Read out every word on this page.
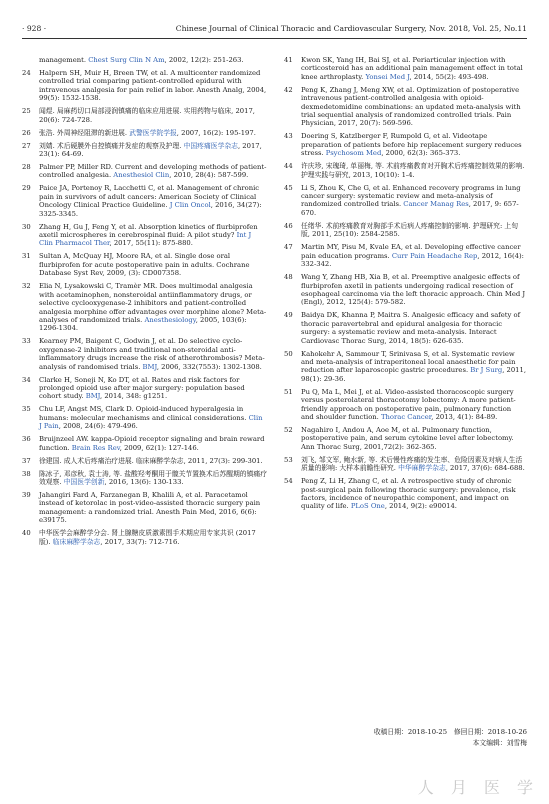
· 928 ·	Chinese Journal of Clinical Thoracic and Cardiovascular Surgery, Nov. 2018, Vol. 25, No.11
management. Chest Surg Clin N Am, 2002, 12(2): 251-263.
24	Halpern SH, Muir H, Breen TW, et al. A multicenter randomized controlled trial comparing patient-controlled epidural with intravenous analgesia for pain relief in labor. Anesth Analg, 2004, 99(5): 1532-1538.
25	闻煜. 局麻药切口局部浸润镇痛的临床应用进展. 实用药物与临床, 2017, 20(6): 724-728.
26	张浩. 外周神经阻滞的新进展. 武警医学院学报, 2007, 16(2): 195-197.
27	刘婧. 术后硬膜外自控镇痛并发症的观察及护理. 中国疼痛医学杂志, 2017, 23(1): 64-69.
28	Palmer PP, Miller RD. Current and developing methods of patient-controlled analgesia. Anesthesiol Clin, 2010, 28(4): 587-599.
29	Paice JA, Portenoy R, Lacchetti C, et al. Management of chronic pain in survivors of adult cancers: American Society of Clinical Oncology Clinical Practice Guideline. J Clin Oncol, 2016, 34(27): 3325-3345.
30	Zhang H, Gu J, Feng Y, et al. Absorption kinetics of flurbiprofen axetil microspheres in cerebrospinal fluid: A pilot study? Int J Clin Pharmacol Ther, 2017, 55(11): 875-880.
31	Sultan A, McQuay HJ, Moore RA, et al. Single dose oral flurbiprofen for acute postoperative pain in adults. Cochrane Database Syst Rev, 2009, (3): CD007358.
32	Elia N, Lysakowski C, Tramèr MR. Does multimodal analgesia with acetaminophen, nonsteroidal antiinflammatory drugs, or selective cyclooxygenase-2 inhibitors and patient-controlled analgesia morphine offer advantages over morphine alone? Meta-analyses of randomized trials. Anesthesiology, 2005, 103(6): 1296-1304.
33	Kearney PM, Baigent C, Godwin J, et al. Do selective cyclo-oxygenase-2 inhibitors and traditional non-steroidal anti-inflammatory drugs increase the risk of atherothrombosis? Meta-analysis of randomised trials. BMJ, 2006, 332(7553): 1302-1308.
34	Clarke H, Soneji N, Ko DT, et al. Rates and risk factors for prolonged opioid use after major surgery: population based cohort study. BMJ, 2014, 348: g1251.
35	Chu LF, Angst MS, Clark D. Opioid-induced hyperalgesia in humans: molecular mechanisms and clinical considerations. Clin J Pain, 2008, 24(6): 479-496.
36	Bruijnzeel AW. kappa-Opioid receptor signaling and brain reward function. Brain Res Rev, 2009, 62(1): 127-146.
37	徐建国. 成人术后疼痛治疗进展. 临床麻醉学杂志, 2011, 27(3): 299-301.
38	陈冰子, 邓彦秋, 袁士涛, 等. 盐酸羟考酮用于髋关节置换术后苏醒期的镇痛疗效观察. 中国医学创新, 2016, 13(6): 130-133.
39	Jahangiri Fard A, Farzanegan B, Khalili A, et al. Paracetamol instead of ketorolac in post-video-assisted thoracic surgery pain management: a randomized trial. Anesth Pain Med, 2016, 6(6): e39175.
40	中华医学会麻醉学分会. 肾上腺糖皮质激素围手术期应用专家共识 (2017 版). 临床麻醉学杂志, 2017, 33(7): 712-716.
41	Kwon SK, Yang IH, Bai SJ, et al. Periarticular injection with corticosteroid has an additional pain management effect in total knee arthroplasty. Yonsei Med J, 2014, 55(2): 493-498.
42	Peng K, Zhang J, Meng XW, et al. Optimization of postoperative intravenous patient-controlled analgesia with opioid-dexmedetomidine combinations: an updated meta-analysis with trial sequential analysis of randomized controlled trials. Pain Physician, 2017, 20(7): 569-596.
43	Doering S, Katzlberger F, Rumpold G, et al. Videotape preparation of patients before hip replacement surgery reduces stress. Psychosom Med, 2000, 62(3): 365-373.
44	许庆珍, 宋瑰琦, 单丽梅, 等. 术前疼痛教育对开胸术后疼痛控制效果的影响. 护理实践与研究, 2013, 10(10): 1-4.
45	Li S, Zhou K, Che G, et al. Enhanced recovery programs in lung cancer surgery: systematic review and meta-analysis of randomized controlled trials. Cancer Manag Res, 2017, 9: 657-670.
46	任绪华. 术前疼痛教育对胸部手术后病人疼痛控制的影响. 护理研究: 上旬版, 2011, 25(10): 2584-2585.
47	Martin MY, Pisu M, Kvale EA, et al. Developing effective cancer pain education programs. Curr Pain Headache Rep, 2012, 16(4): 332-342.
48	Wang Y, Zhang HB, Xia B, et al. Preemptive analgesic effects of flurbiprofen axetil in patients undergoing radical resection of esophageal carcinoma via the left thoracic approach. Chin Med J (Engl), 2012, 125(4): 579-582.
49	Baidya DK, Khanna P, Maitra S. Analgesic efficacy and safety of thoracic paravertebral and epidural analgesia for thoracic surgery: a systematic review and meta-analysis. Interact Cardiovasc Thorac Surg, 2014, 18(5): 626-635.
50	Kahokehr A, Sammour T, Srinivasa S, et al. Systematic review and meta-analysis of intraperitoneal local anaesthetic for pain reduction after laparoscopic gastric procedures. Br J Surg, 2011, 98(1): 29-36.
51	Pu Q, Ma L, Mei J, et al. Video-assisted thoracoscopic surgery versus posterolateral thoracotomy lobectomy: A more patient-friendly approach on postoperative pain, pulmonary function and shoulder function. Thorac Cancer, 2013, 4(1): 84-89.
52	Nagahiro I, Andou A, Aoe M, et al. Pulmonary function, postoperative pain, and serum cytokine level after lobectomy. Ann Thorac Surg, 2001,72(2): 362-365.
53	刘飞, 邹文军, 鲍水新, 等. 术后慢性疼痛的发生率、危险因素及对病人生活质量的影响: 大样本前瞻性研究. 中华麻醉学杂志, 2017, 37(6): 684-688.
54	Peng Z, Li H, Zhang C, et al. A retrospective study of chronic post-surgical pain following thoracic surgery: prevalence, risk factors, incidence of neuropathic component, and impact on quality of life. PLoS One, 2014, 9(2): e90014.
收稿日期：2018-10-25　修回日期：2018-10-26
本文编辑：刘雪梅
人 月 医 学
